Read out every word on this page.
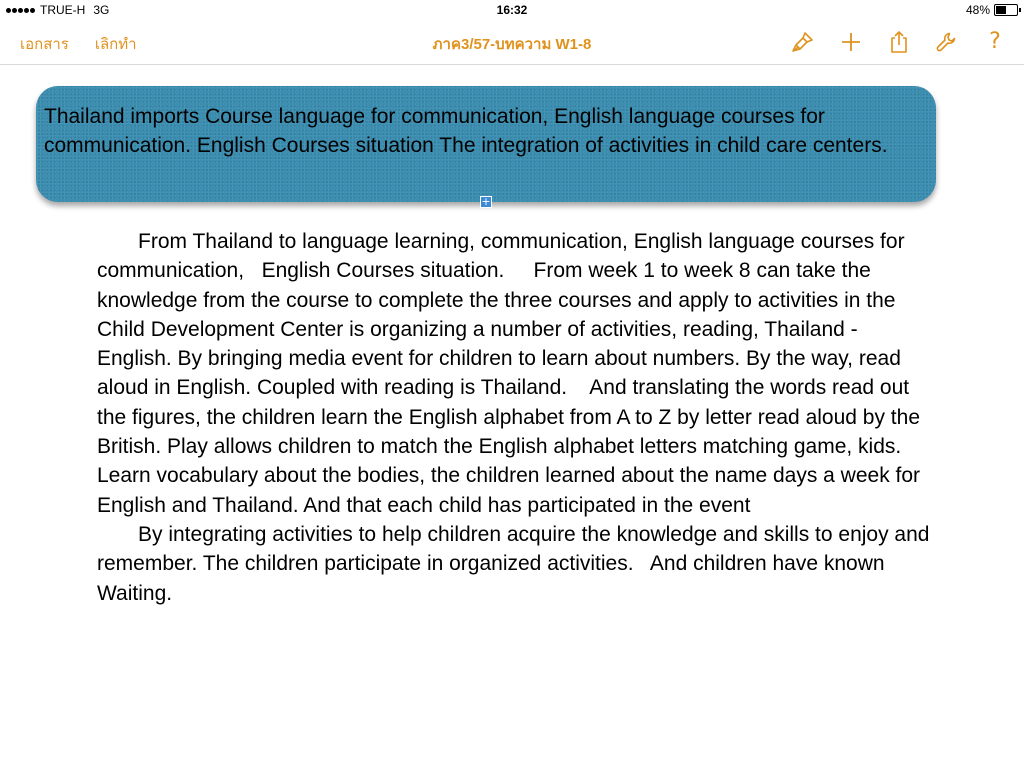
TRUE-H 3G	16:32	48%
เอกสาร เลิกทำ	ภาค3/57-บทความ W1-8	?
Thailand imports Course language for communication, English language courses for communication. English Courses situation The integration of activities in child care centers.
+

From Thailand to language learning, communication, English language courses for communication,   English Courses situation.     From week 1 to week 8 can take the knowledge from the course to complete the three courses and apply to activities in the Child Development Center is organizing a number of activities, reading, Thailand - English. By bringing media event for children to learn about numbers. By the way, read aloud in English. Coupled with reading is Thailand.    And translating the words read out the figures, the children learn the English alphabet from A to Z by letter read aloud by the British. Play allows children to match the English alphabet letters matching game, kids. Learn vocabulary about the bodies, the children learned about the name days a week for English and Thailand. And that each child has participated in the event

By integrating activities to help children acquire the knowledge and skills to enjoy and remember. The children participate in organized activities.   And children have known Waiting.
